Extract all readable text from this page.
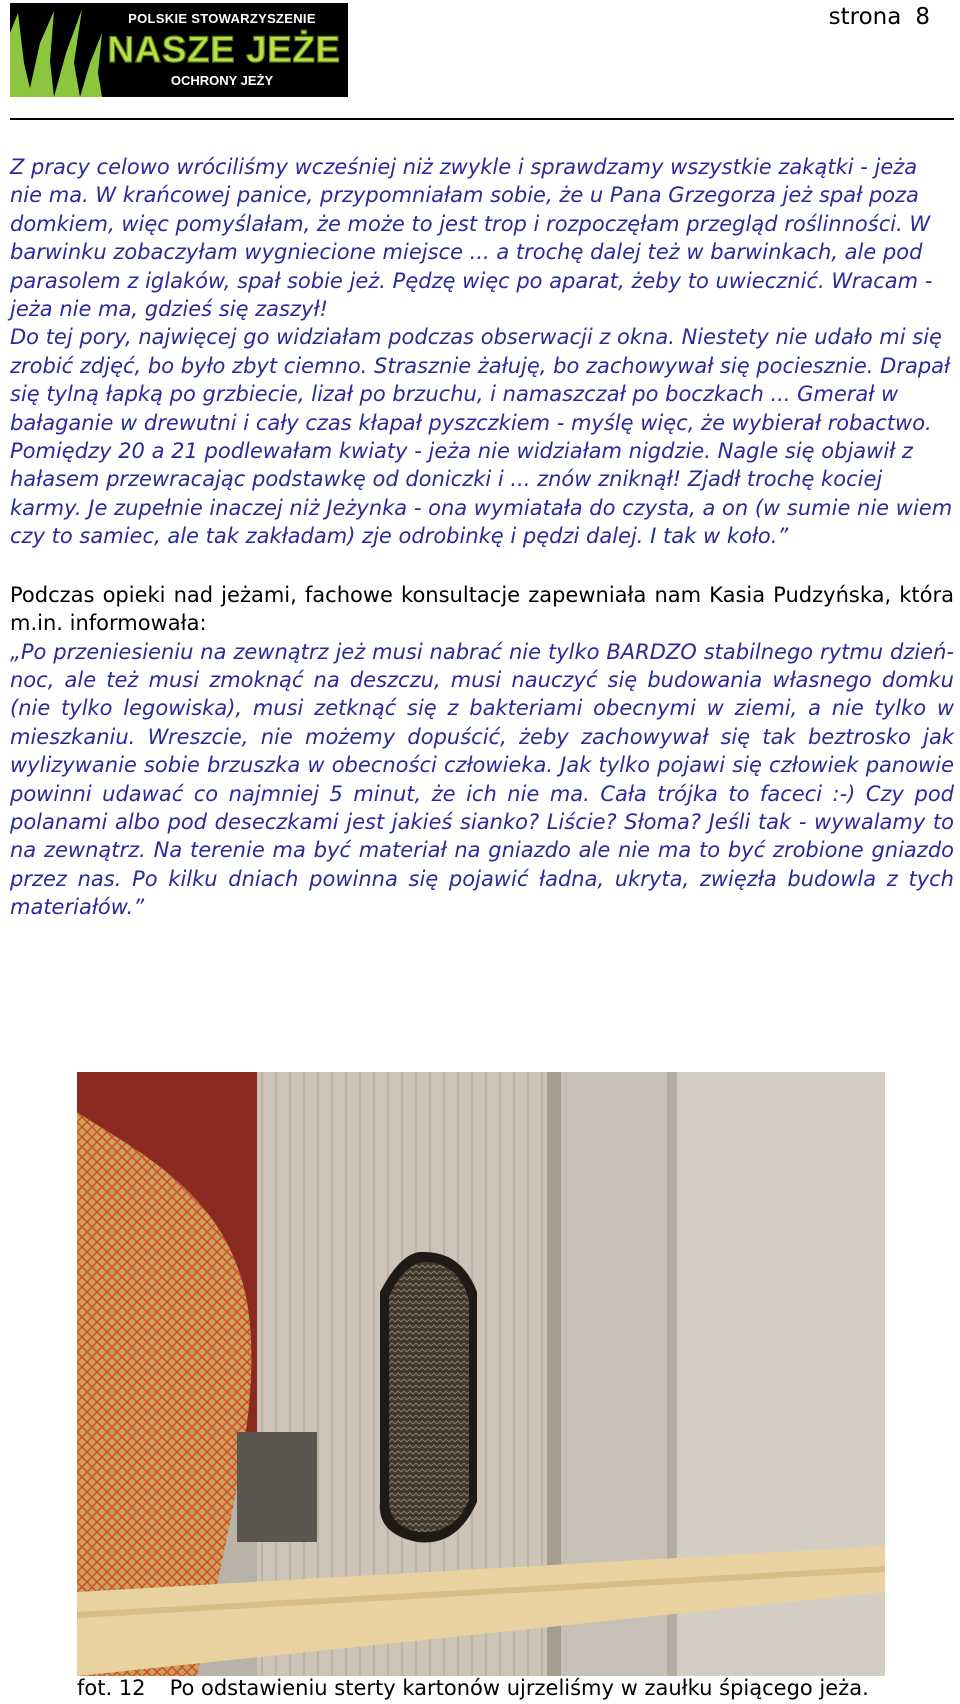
POLSKIE STOWARZYSZENIE
NASZE JEŻE
OCHRONY JEŻY
strona 8

Z pracy celowo wróciliśmy wcześniej niż zwykle i sprawdzamy wszystkie zakątki - jeża nie ma. W krańcowej panice, przypomniałam sobie, że u Pana Grzegorza jeż spał poza domkiem, więc pomyślałam, że może to jest trop i rozpoczęłam przegląd roślinności. W barwinku zobaczyłam wygniecione miejsce ... a trochę dalej też w barwinkach, ale pod parasolem z iglaków, spał sobie jeż. Pędzę więc po aparat, żeby to uwiecznić. Wracam - jeża nie ma, gdzieś się zaszył!

Do tej pory, najwięcej go widziałam podczas obserwacji z okna. Niestety nie udało mi się zrobić zdjęć, bo było zbyt ciemno. Strasznie żałuję, bo zachowywał się pociesznie. Drapał się tylną łapką po grzbiecie, lizał po brzuchu, i namaszczał po boczkach ... Gmerał w bałaganie w drewutni i cały czas kłapał pyszczkiem - myślę więc, że wybierał robactwo.

Pomiędzy 20 a 21 podlewałam kwiaty - jeża nie widziałam nigdzie. Nagle się objawił z hałasem przewracając podstawkę od doniczki i ... znów zniknął! Zjadł trochę kociej karmy. Je zupełnie inaczej niż Jeżynka - ona wymiatała do czysta, a on (w sumie nie wiem czy to samiec, ale tak zakładam) zje odrobinkę i pędzi dalej. I tak w koło.”

Podczas opieki nad jeżami, fachowe konsultacje zapewniała nam Kasia Pudzyńska, która m.in. informowała:

„Po przeniesieniu na zewnątrz jeż musi nabrać nie tylko BARDZO stabilnego rytmu dzień-noc, ale też musi zmoknąć na deszczu, musi nauczyć się budowania własnego domku (nie tylko legowiska), musi zetknąć się z bakteriami obecnymi w ziemi, a nie tylko w mieszkaniu. Wreszcie, nie możemy dopuścić, żeby zachowywał się tak beztrosko jak wylizywanie sobie brzuszka w obecności człowieka. Jak tylko pojawi się człowiek panowie powinni udawać co najmniej 5 minut, że ich nie ma. Cała trójka to faceci :-) Czy pod polanami albo pod deseczkami jest jakieś sianko? Liście? Słoma? Jeśli tak - wywalamy to na zewnątrz. Na terenie ma być materiał na gniazdo ale nie ma to być zrobione gniazdo przez nas. Po kilku dniach powinna się pojawić ładna, ukryta, zwięzła budowla z tych materiałów.”

fot. 12 Po odstawieniu sterty kartonów ujrzeliśmy w zaułku śpiącego jeża.
